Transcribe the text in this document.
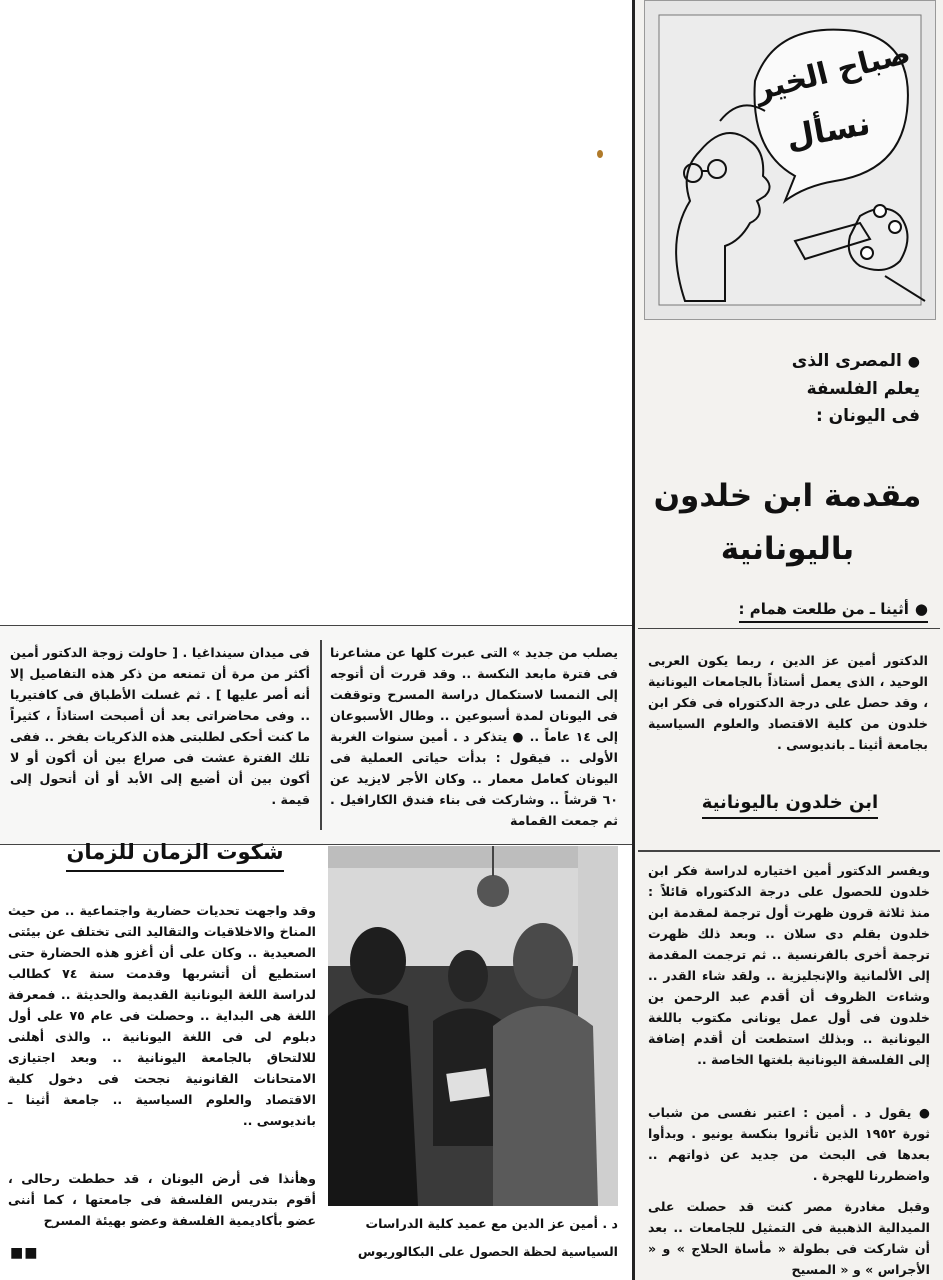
صباح الخير
نسأل
●المصرى الذى
يعلم الفلسفة
فى اليونان :
مقدمة ابن خلدون
باليونانية
●أثينا ـ من طلعت همام :
الدكتور أمين عز الدين ، ربما يكون العربى الوحيد ، الذى يعمل أستاذاً بالجامعات اليونانية ، وقد حصل على درجة الدكتوراه فى فكر ابن خلدون من كلية الاقتصاد والعلوم السياسية بجامعة أثينا ـ بانديوسى .
ابن خلدون باليونانية
ويفسر الدكتور أمين اختياره لدراسة فكر ابن خلدون للحصول على درجة الدكتوراه قائلاً : منذ ثلاثة قرون ظهرت أول ترجمة لمقدمة ابن خلدون بقلم دى سلان .. وبعد ذلك ظهرت ترجمة أخرى بالفرنسية .. ثم ترجمت المقدمة إلى الألمانية والإنجليزية .. ولقد شاء القدر .. وشاءت الظروف أن أقدم عبد الرحمن بن خلدون فى أول عمل يونانى مكتوب باللغة اليونانية .. وبذلك استطعت أن أقدم إضافة إلى الفلسفة اليونانية بلغتها الخاصة ..
● يقول د . أمين : اعتبر نفسى من شباب ثورة ١٩٥٢ الذين تأثروا بنكسة يونيو . وبدأوا بعدها فى البحث من جديد عن ذواتهم .. واضطررنا للهجرة .
وقبل مغادرة مصر كنت قد حصلت على الميدالية الذهبية فى التمثيل للجامعات .. بعد أن شاركت فى بطولة « مأساة الحلاج » و « الأجراس » و « المسيح
يصلب من جديد » التى عبرت كلها عن مشاعرنا فى فترة مابعد النكسة .. وقد قررت أن أتوجه إلى النمسا لاستكمال دراسة المسرح وتوقفت فى اليونان لمدة أسبوعين .. وطال الأسبوعان إلى ١٤ عاماً .. ● يتذكر د . أمين سنوات الغربة الأولى .. فيقول : بدأت حياتى العملية فى اليونان كعامل معمار .. وكان الأجر لايزيد عن ٦٠ قرشاً .. وشاركت فى بناء فندق الكارافيل . ثم جمعت القمامة
فى ميدان سينداغيا . [ حاولت زوجة الدكتور أمين أكثر من مرة أن تمنعه من ذكر هذه التفاصيل إلا أنه أصر عليها ] . ثم غسلت الأطباق فى كافتيريا .. وفى محاضراتى بعد أن أصبحت استاذاً ، كثيراً ما كنت أحكى لطلبتى هذه الذكريات بفخر .. ففى تلك الفترة عشت فى صراع بين أن أكون أو لا أكون بين أن أضيع إلى الأبد أو أن أتحول إلى قيمة .
شكوت الزمان للزمان
وقد واجهت تحديات حضارية واجتماعية .. من حيث المناخ والاخلاقيات والتقاليد التى تختلف عن بيئتى الصعيدية .. وكان على أن أغزو هذه الحضارة حتى استطيع أن أتشربها وقدمت سنة ٧٤ كطالب لدراسة اللغة اليونانية القديمة والحديثة .. فمعرفة اللغة هى البداية .. وحصلت فى عام ٧٥ على أول دبلوم لى فى اللغة اليونانية .. والذى أهلنى للالتحاق بالجامعة اليونانية .. وبعد اجتيازى الامتحانات القانونية نجحت فى دخول كلية الاقتصاد والعلوم السياسية .. جامعة أثينا ـ بانديوسى ..
وهأنذا فى أرض اليونان ، قد حططت رحالى ، أقوم بتدريس الفلسفة فى جامعتها ، كما أننى عضو بأكاديمية الفلسفة وعضو بهيئة المسرح
■■
د . أمين عز الدين مع عميد كلية الدراسات السياسية لحظة الحصول على البكالوريوس
